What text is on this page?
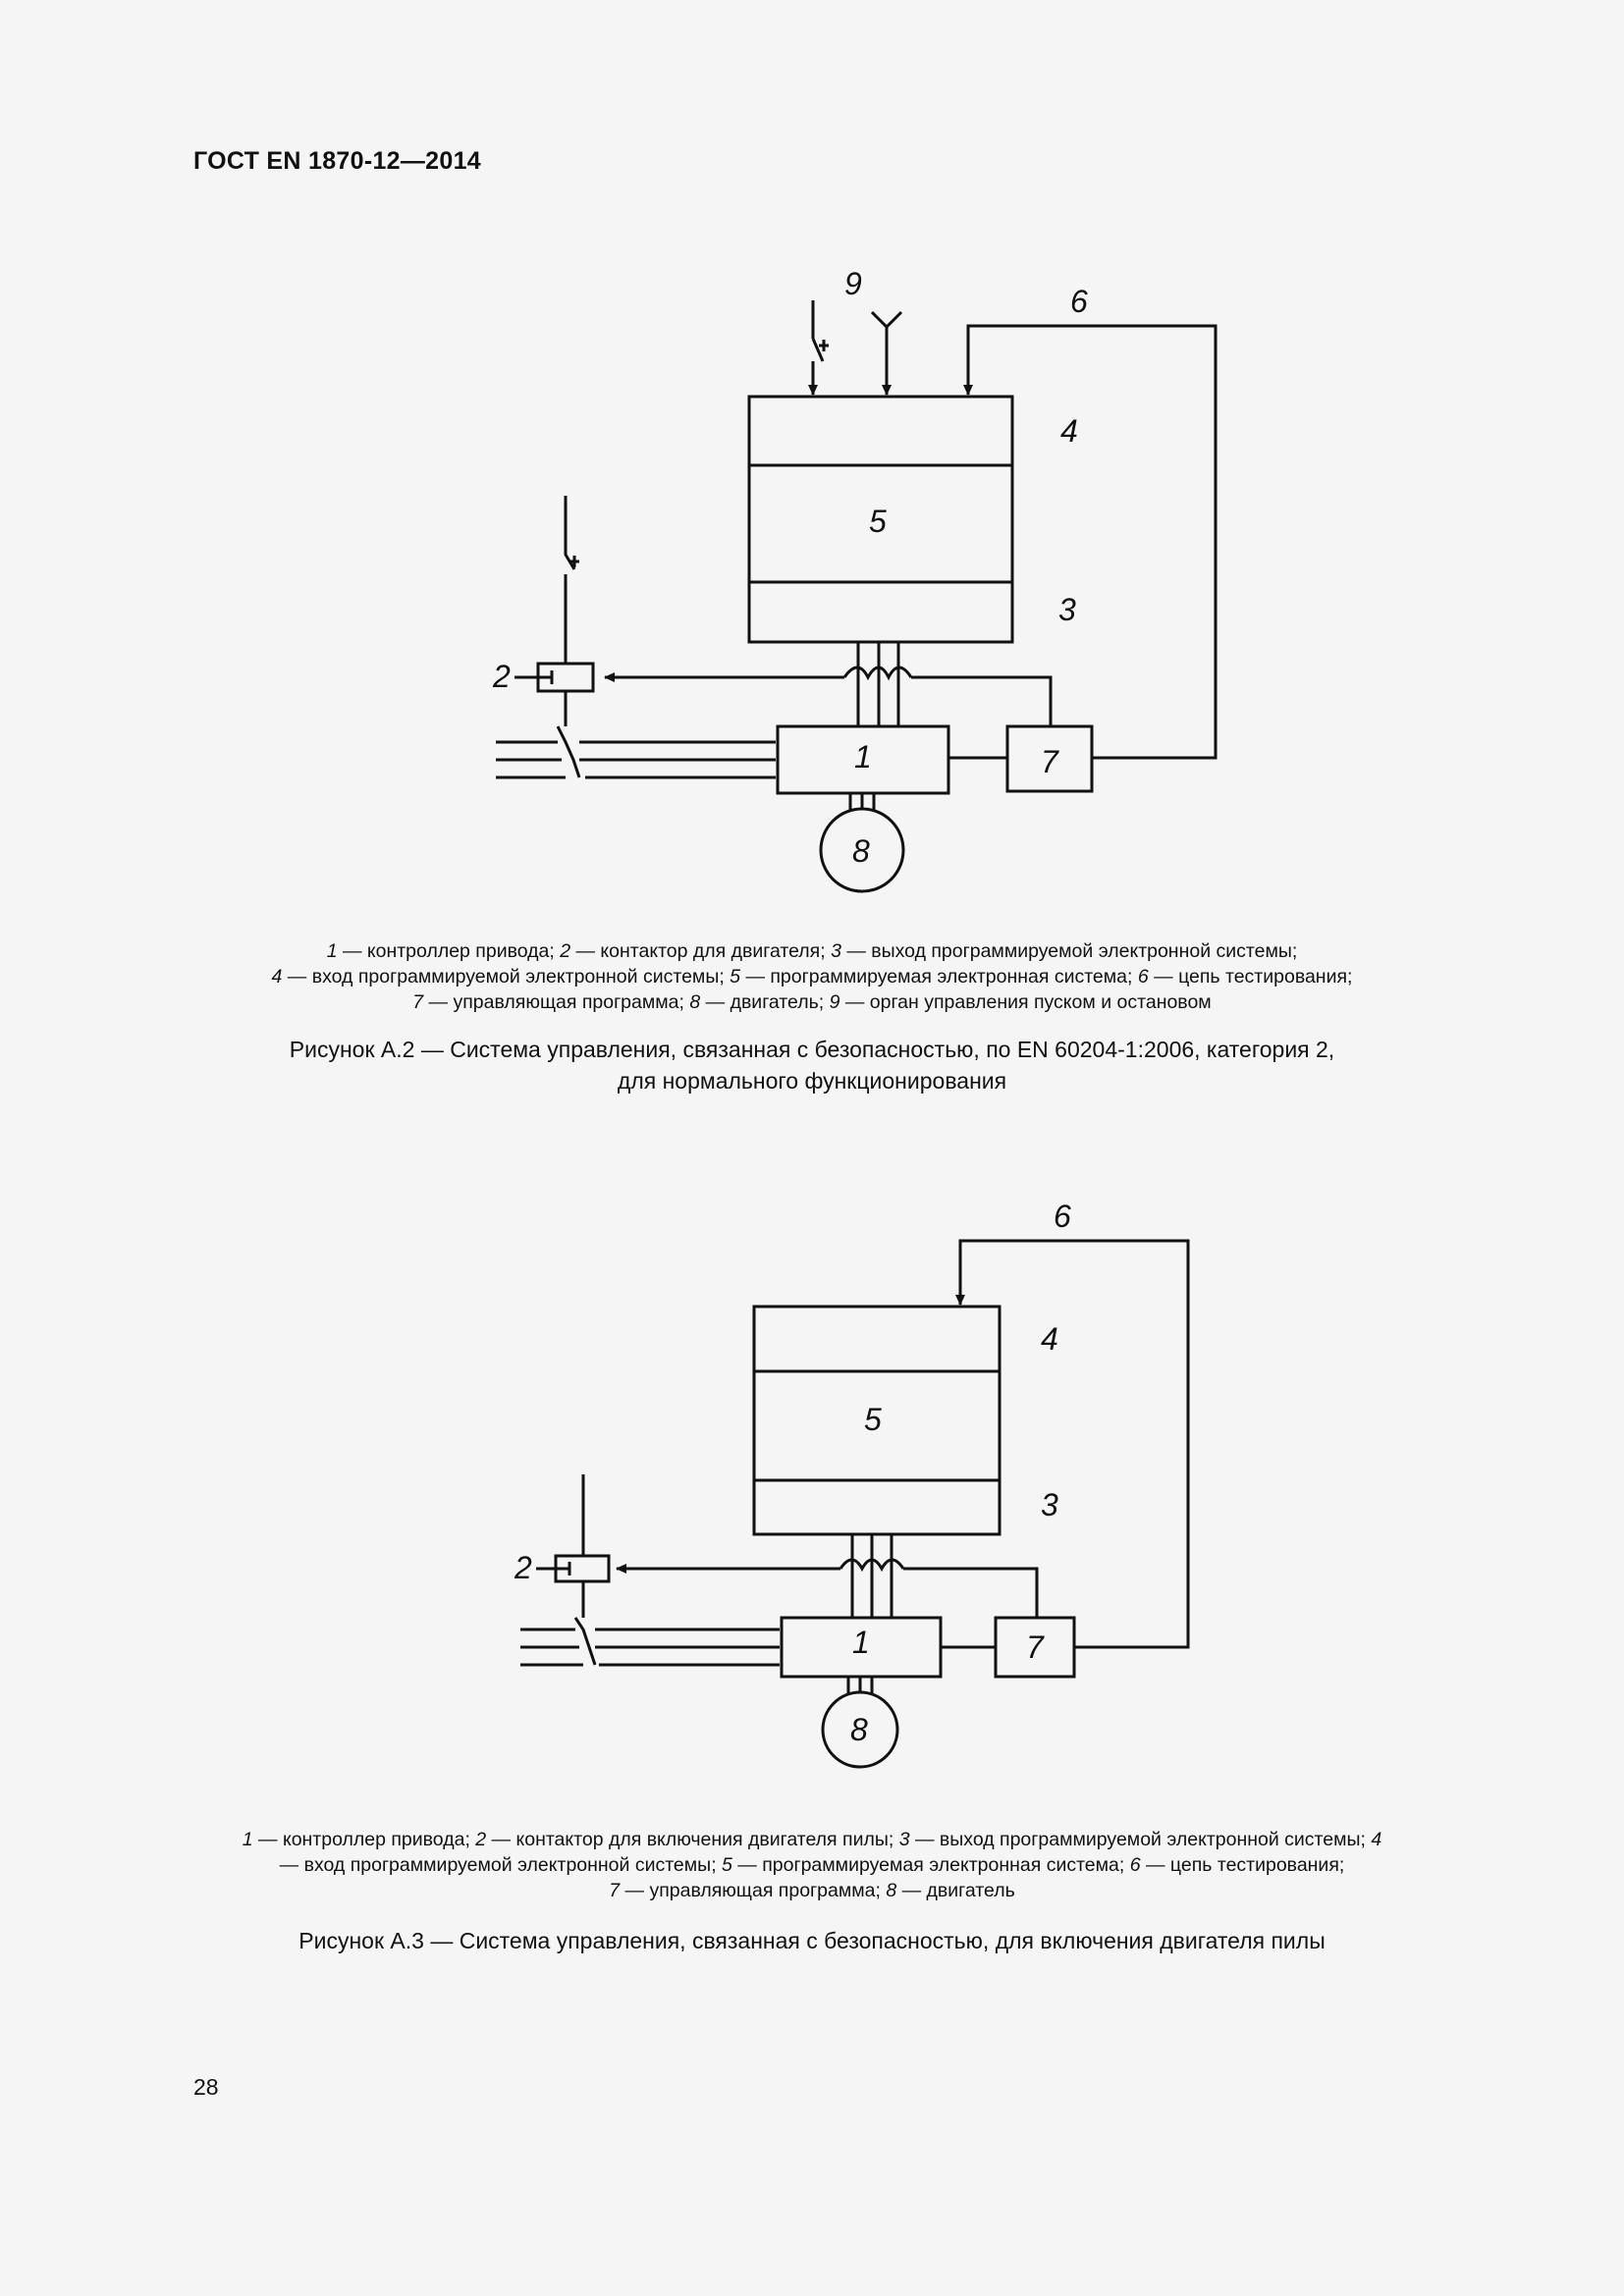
ГОСТ EN 1870-12—2014
9	6
4
5
3
2
1	7
8
1 — контроллер привода; 2 — контактор для двигателя; 3 — выход программируемой электронной системы;
4 — вход программируемой электронной системы; 5 — программируемая электронная система; 6 — цепь тестирования;
7 — управляющая программа; 8 — двигатель; 9 — орган управления пуском и остановом
Рисунок А.2 — Система управления, связанная с безопасностью, по EN 60204-1:2006, категория 2,
для нормального функционирования
6
4
5
3
2
1	7
8
1 — контроллер привода; 2 — контактор для включения двигателя пилы; 3 — выход программируемой электронной системы; 4
— вход программируемой электронной системы; 5 — программируемая электронная система; 6 — цепь тестирования;
7 — управляющая программа; 8 — двигатель
Рисунок А.3 — Система управления, связанная с безопасностью, для включения двигателя пилы
28
